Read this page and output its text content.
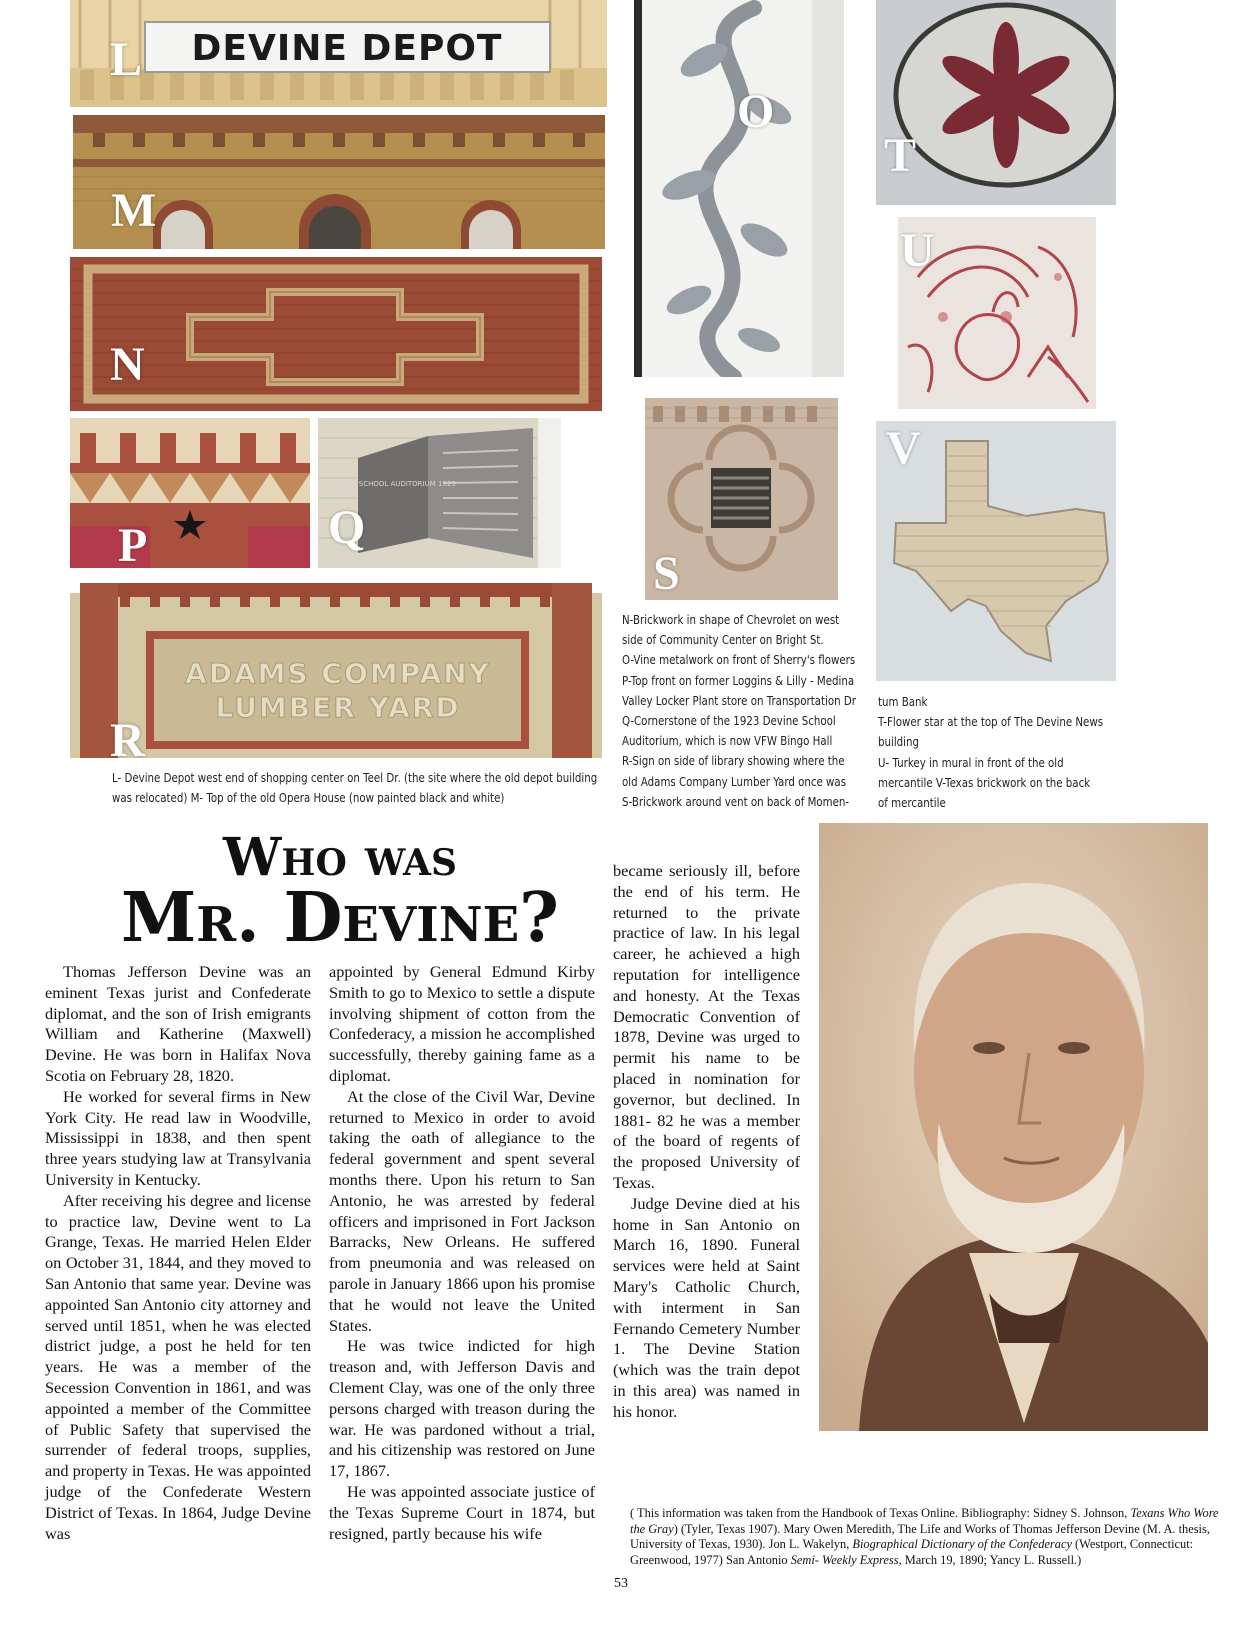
DEVINE DEPOT
L
M
N
O
T
U
P
DEVINE SCHOOL AUDITORIUM 1923
Q
ADAMS COMPANY
LUMBER YARD
R
S
V
L- Devine Depot west end of shopping center on Teel Dr. (the site where the old depot building
was relocated) M- Top of the old Opera House (now painted black and white)
N-Brickwork in shape of Chevrolet on west
side of Community Center on Bright St.
O-Vine metalwork on front of Sherry's flowers
P-Top front on former Loggins & Lilly - Medina
Valley Locker Plant store on Transportation Dr
Q-Cornerstone of the 1923 Devine School
Auditorium, which is now VFW Bingo Hall
R-Sign on side of library showing where the
old Adams Company Lumber Yard once was
S-Brickwork around vent on back of Momen-
tum Bank
T-Flower star at the top of The Devine News
building
U- Turkey in mural in front of the old
mercantile V-Texas brickwork on the back
of mercantile
Who was
Mr. Devine?

Thomas Jefferson Devine was an eminent Texas jurist and Confederate diplomat, and the son of Irish emigrants William and Katherine (Maxwell) Devine. He was born in Halifax Nova Scotia on February 28, 1820.

He worked for several firms in New York City. He read law in Woodville, Mississippi in 1838, and then spent three years studying law at Transylvania University in Kentucky.

After receiving his degree and license to practice law, Devine went to La Grange, Texas. He married Helen Elder on October 31, 1844, and they moved to San Antonio that same year. Devine was appointed San Antonio city attorney and served until 1851, when he was elected district judge, a post he held for ten years. He was a member of the Secession Convention in 1861, and was appointed a member of the Committee of Public Safety that supervised the surrender of federal troops, supplies, and property in Texas. He was appointed judge of the Confederate Western District of Texas. In 1864, Judge Devine was

appointed by General Edmund Kirby Smith to go to Mexico to settle a dispute involving shipment of cotton from the Confederacy, a mission he accomplished successfully, thereby gaining fame as a diplomat.

At the close of the Civil War, Devine returned to Mexico in order to avoid taking the oath of allegiance to the federal government and spent several months there. Upon his return to San Antonio, he was arrested by federal officers and imprisoned in Fort Jackson Barracks, New Orleans. He suffered from pneumonia and was released on parole in January 1866 upon his promise that he would not leave the United States.

He was twice indicted for high treason and, with Jefferson Davis and Clement Clay, was one of the only three persons charged with treason during the war. He was pardoned without a trial, and his citizenship was restored on June 17, 1867.

He was appointed associate justice of the Texas Supreme Court in 1874, but resigned, partly because his wife

became seriously ill, before the end of his term. He returned to the private practice of law. In his legal career, he achieved a high reputation for intelligence and honesty. At the Texas Democratic Convention of 1878, Devine was urged to permit his name to be placed in nomination for governor, but declined. In 1881- 82 he was a member of the board of regents of the proposed University of Texas.

Judge Devine died at his home in San Antonio on March 16, 1890. Funeral services were held at Saint Mary's Catholic Church, with interment in San Fernando Cemetery Number 1. The Devine Station (which was the train depot in this area) was named in his honor.

( This information was taken from the Handbook of Texas Online. Bibliography: Sidney S. Johnson, Texans Who Wore the Gray) (Tyler, Texas 1907). Mary Owen Meredith, The Life and Works of Thomas Jefferson Devine (M. A. thesis, University of Texas, 1930). Jon L. Wakelyn, Biographical Dictionary of the Confederacy (Westport, Connecticut: Greenwood, 1977) San Antonio Semi- Weekly Express, March 19, 1890; Yancy L. Russell.)

53
